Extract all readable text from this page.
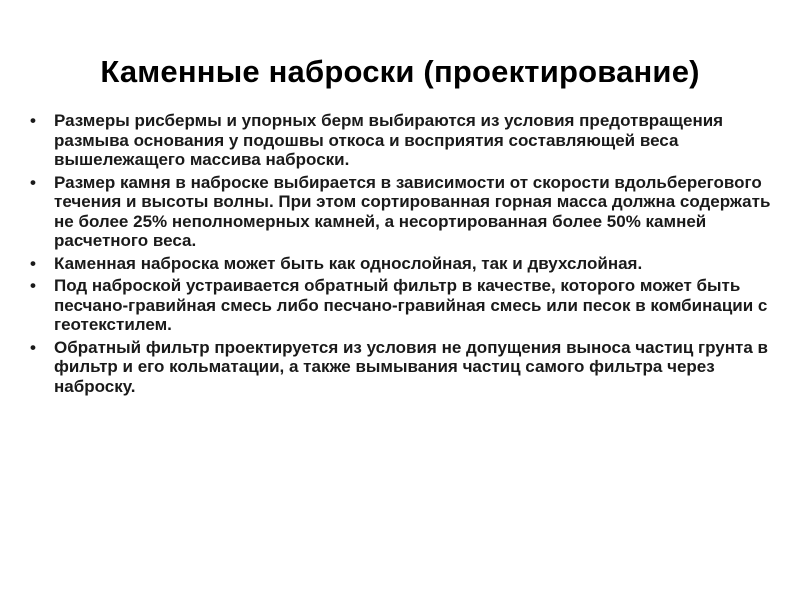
Каменные наброски (проектирование)
• Размеры рисбермы и упорных берм выбираются из условия предотвращения размыва основания у подошвы откоса и восприятия составляющей веса вышележащего массива наброски.
• Размер камня в наброске выбирается в зависимости от скорости вдольберегового течения и высоты волны. При этом сортированная горная масса должна содержать не более 25% неполномерных камней, а несортированная более 50% камней расчетного веса.
• Каменная наброска может быть как однослойная, так и двухслойная.
• Под наброской устраивается обратный фильтр в качестве, которого может быть песчано-гравийная смесь либо песчано-гравийная смесь или песок в комбинации с геотекстилем.
• Обратный фильтр проектируется из условия не допущения выноса частиц грунта в фильтр и его кольматации, а также вымывания частиц самого фильтра через наброску.
